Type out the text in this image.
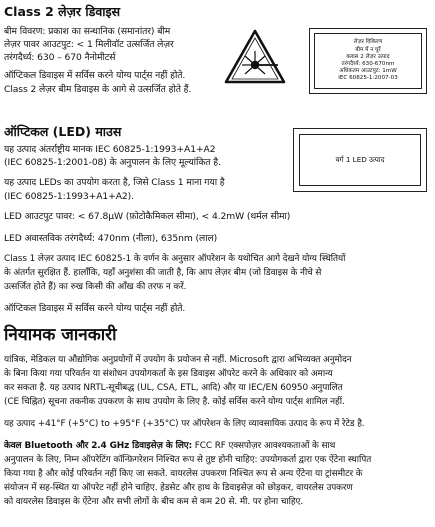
Class 2 लेज़र डिवाइस
बीम विवरण: प्रकाश का सन्धानिक (समानांतर) बीम
लेज़र पावर आउटपुट: < 1 मिलीवॉट उत्सर्जित लेज़र
तरंगदैर्ध्य: 630 – 670 नैनोमीटर्स
ऑप्टिकल डिवाइस में सर्विस करने योग्य पार्ट्स नहीं होते.
Class 2 लेज़र बीम डिवाइस के आगे से उत्सर्जित होते हैं.
लेज़र विकिरण
बीम में न घूरें
क्लास 2 लेज़र उत्पाद
तरंगदैर्ध्य: 630-670nm
अधिकतम आउटपुट: 1mW
IEC 60825-1:2007-03
ऑप्टिकल (LED) माउस
यह उत्पाद अंतर्राष्ट्रीय मानक IEC 60825-1:1993+A1+A2
(IEC 60825-1:2001-08) के अनुपालन के लिए मूल्यांकित है.
यह उत्पाद LEDs का उपयोग करता है, जिसे Class 1 माना गया है
(IEC 60825-1:1993+A1+A2).
LED आउटपुट पावर: < 67.8µW (फ़ोटोकैमिकल सीमा), < 4.2mW (थर्मल सीमा)
LED अवास्तविक तरंगदैर्ध्य: 470nm (नीला), 635nm (लाल)
Class 1 लेज़र उत्पाद IEC 60825-1 के वर्णन के अनुसार ऑपरेशन के यथोचित आगे देखने योग्य स्थितियों
के अंतर्गत सुरक्षित हैं. हालाँकि, यहाँ अनुशंसा की जाती है, कि आप लेज़र बीम (जो डिवाइस के नीचे से
उत्सर्जित होते हैं) का रुख किसी की आँख की तरफ न करें.
ऑप्टिकल डिवाइस में सर्विस करने योग्य पार्ट्स नहीं होते.
वर्ग 1 LED उत्पाद
नियामक जानकारी
यांत्रिक, मेडिकल या औद्योगिक अनुप्रयोगों में उपयोग के प्रयोजन से नहीं. Microsoft द्वारा अभिव्यक्त अनुमोदन
के बिना किया गया परिवर्तन या संशोधन उपयोगकर्ता के इस डिवाइस ऑपरेट करने के अधिकार को अमान्य
कर सकता है. यह उत्पाद NRTL-सूचीबद्ध (UL, CSA, ETL, आदि) और या IEC/EN 60950 अनुपालित
(CE चिह्नित) सूचना तकनीक उपकरण के साथ उपयोग के लिए है. कोई सर्विस करने योग्य पार्ट्स शामिल नहीं.
यह उत्पाद +41°F (+5°C) to +95°F (+35°C) पर ऑपरेशन के लिए व्यावसायिक उत्पाद के रूप में रेटेड है.
केवल Bluetooth और 2.4 GHz डिवाइसेज़ के लिए: FCC RF एक्सपोज़र आवश्यकताओं के साथ
अनुपालन के लिए, निम्न ऑपरेटिंग कॉन्फ़िगरेशन निश्चित रूप से तुष्ट होनी चाहिए: उपयोगकर्ता द्वारा एक ऐंटेना स्थापित
किया गया है और कोई परिवर्तन नहीं किए जा सकते. वायरलेस उपकरण निश्चित रूप से अन्य ऐंटेना या ट्रांसमीटर के
संयोजन में सह-स्थित या ऑपरेट नहीं होने चाहिए. हेडसेट और हाथ के डिवाइसेज़ को छोड़कर, वायरलेस उपकरण
को वायरलेस डिवाइस के ऐंटेना और सभी लोगों के बीच कम से कम 20 से. मी. पर होना चाहिए.
